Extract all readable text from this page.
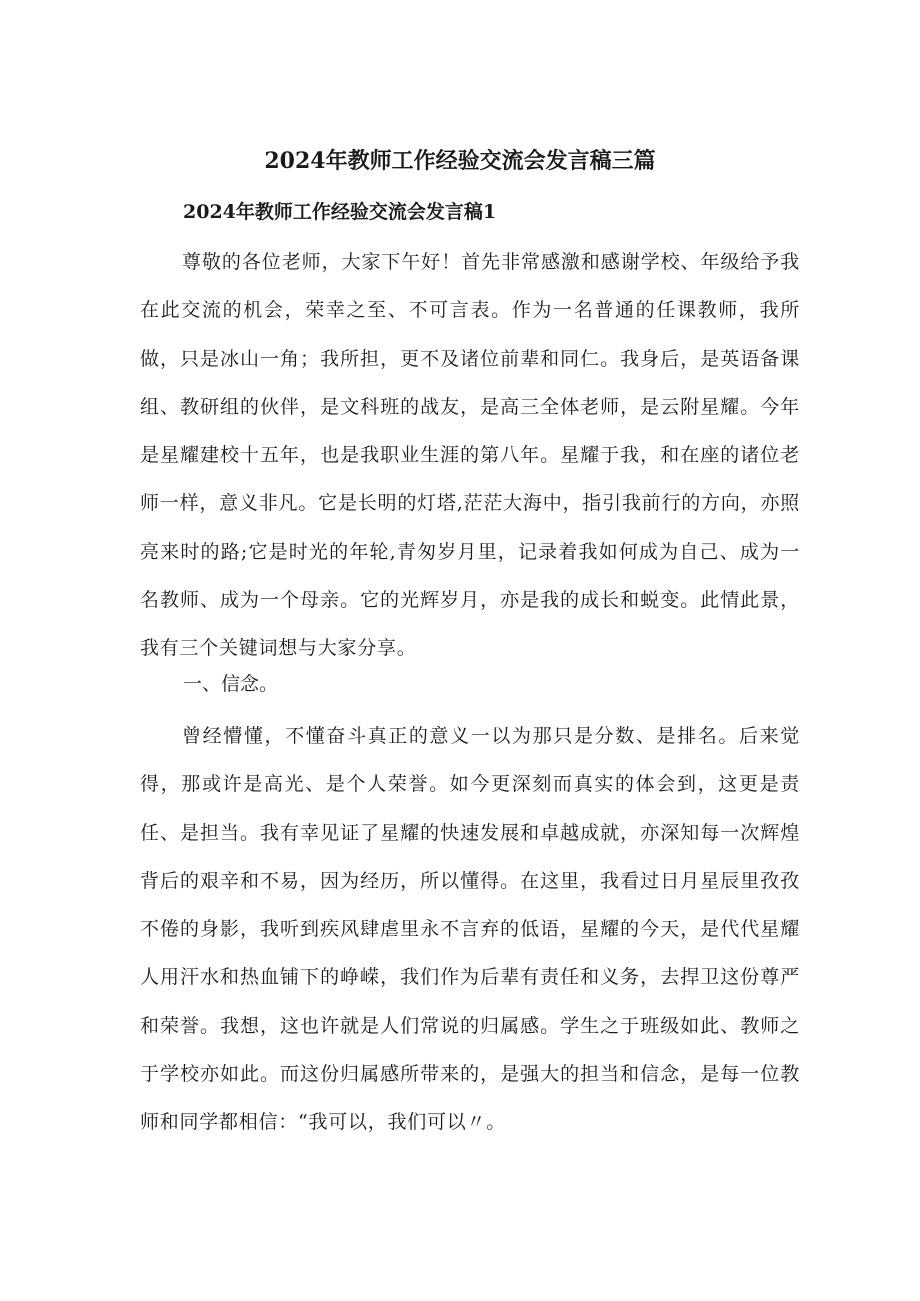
2024年教师工作经验交流会发言稿三篇
2024年教师工作经验交流会发言稿1

尊敬的各位老师，大家下午好！首先非常感激和感谢学校、年级给予我在此交流的机会，荣幸之至、不可言表。作为一名普通的任课教师，我所做，只是冰山一角；我所担，更不及诸位前辈和同仁。我身后，是英语备课组、教研组的伙伴，是文科班的战友，是高三全体老师，是云附星耀。今年是星耀建校十五年，也是我职业生涯的第八年。星耀于我，和在座的诸位老师一样，意义非凡。它是长明的灯塔,茫茫大海中，指引我前行的方向，亦照亮来时的路;它是时光的年轮,青匆岁月里，记录着我如何成为自己、成为一名教师、成为一个母亲。它的光辉岁月，亦是我的成长和蜕变。此情此景，我有三个关键词想与大家分享。

一、信念。

曾经懵懂，不懂奋斗真正的意义一以为那只是分数、是排名。后来觉得，那或许是高光、是个人荣誉。如今更深刻而真实的体会到，这更是责任、是担当。我有幸见证了星耀的快速发展和卓越成就，亦深知每一次辉煌背后的艰辛和不易，因为经历，所以懂得。在这里，我看过日月星辰里孜孜不倦的身影，我听到疾风肆虐里永不言弃的低语，星耀的今天，是代代星耀人用汗水和热血铺下的峥嵘，我们作为后辈有责任和义务，去捍卫这份尊严和荣誉。我想，这也许就是人们常说的归属感。学生之于班级如此、教师之于学校亦如此。而这份归属感所带来的，是强大的担当和信念，是每一位教师和同学都相信：“我可以，我们可以〃。
